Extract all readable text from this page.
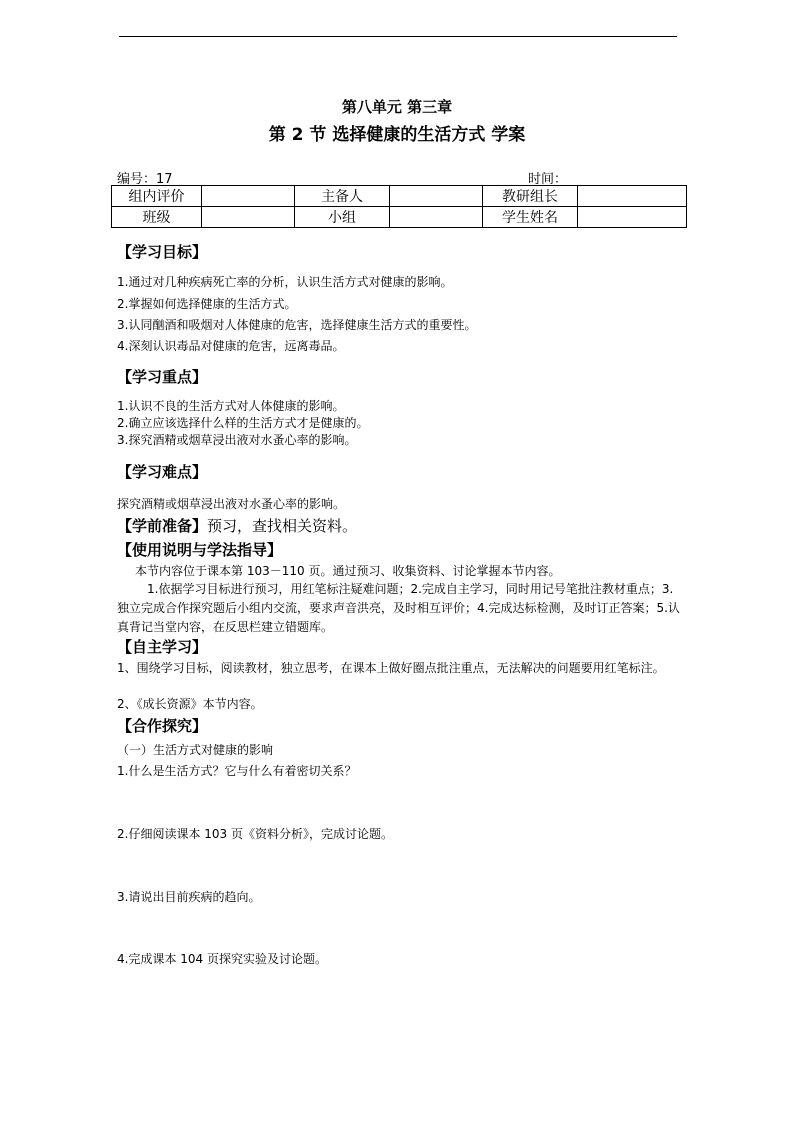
第八单元 第三章
第 2 节 选择健康的生活方式 学案
编号：17	时间：
组内评价		主备人		教研组长	
班级		小组		学生姓名	
【学习目标】
1.通过对几种疾病死亡率的分析，认识生活方式对健康的影响。
2.掌握如何选择健康的生活方式。
3.认同酗酒和吸烟对人体健康的危害，选择健康生活方式的重要性。
4.深刻认识毒品对健康的危害，远离毒品。
【学习重点】
1.认识不良的生活方式对人体健康的影响。
2.确立应该选择什么样的生活方式才是健康的。
3.探究酒精或烟草浸出液对水蚤心率的影响。
【学习难点】
探究酒精或烟草浸出液对水蚤心率的影响。
【学前准备】预习，查找相关资料。
【使用说明与学法指导】
本节内容位于课本第 103－110 页。通过预习、收集资料、讨论掌握本节内容。
1.依据学习目标进行预习，用红笔标注疑难问题；2.完成自主学习，同时用记号笔批注教材重点；3.独立完成合作探究题后小组内交流，要求声音洪亮，及时相互评价；4.完成达标检测，及时订正答案；5.认真背记当堂内容，在反思栏建立错题库。
【自主学习】
1、围绕学习目标，阅读教材，独立思考，在课本上做好圈点批注重点，无法解决的问题要用红笔标注。
2、《成长资源》本节内容。
【合作探究】
（一）生活方式对健康的影响
1.什么是生活方式？它与什么有着密切关系？
2.仔细阅读课本 103 页《资料分析》，完成讨论题。
3.请说出目前疾病的趋向。
4.完成课本 104 页探究实验及讨论题。
